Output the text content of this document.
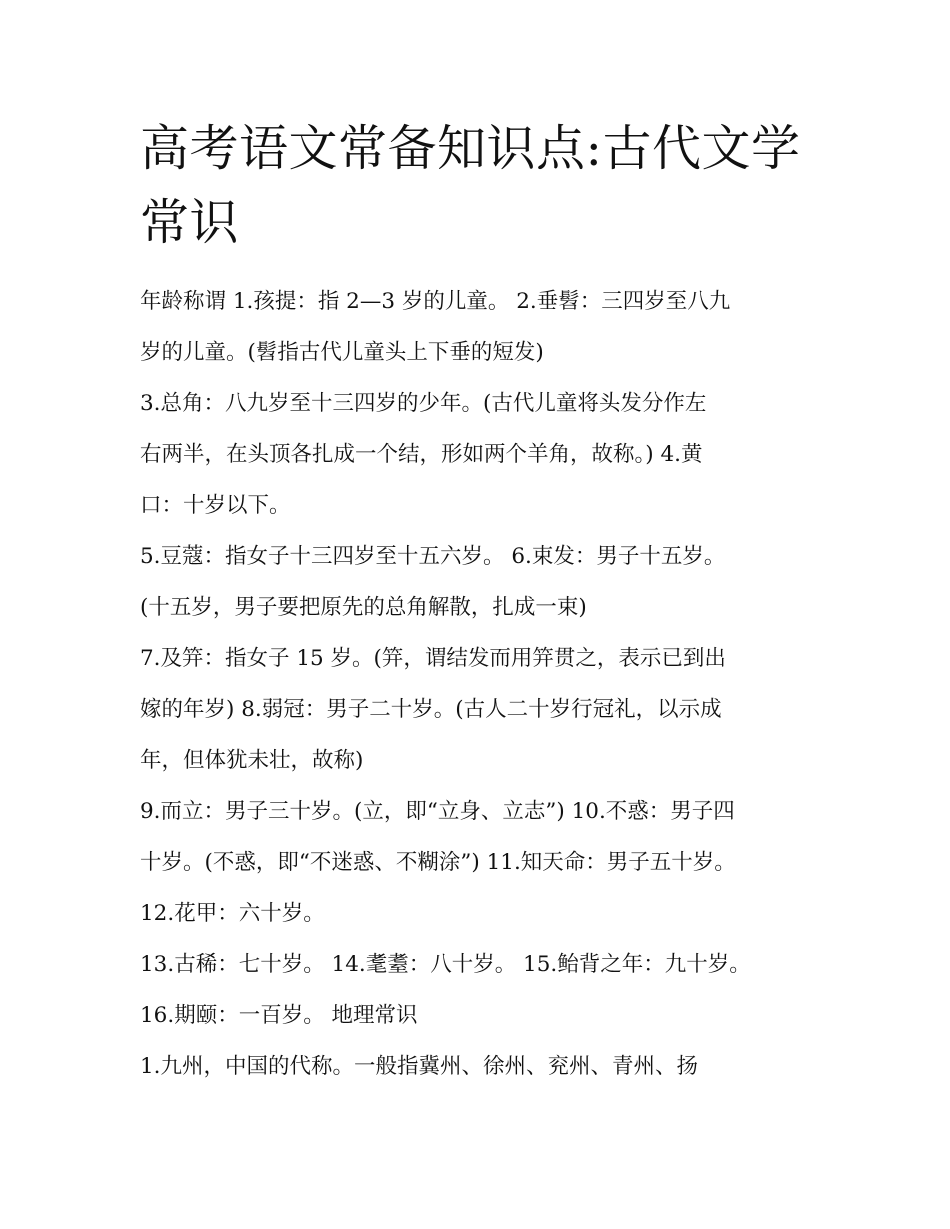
高考语文常备知识点:古代文学
常识
年龄称谓 1.孩提：指 2—3 岁的儿童。 2.垂髫：三四岁至八九
岁的儿童。(髫指古代儿童头上下垂的短发)
3.总角：八九岁至十三四岁的少年。(古代儿童将头发分作左
右两半，在头顶各扎成一个结，形如两个羊角，故称。) 4.黄
口：十岁以下。
5.豆蔻：指女子十三四岁至十五六岁。 6.束发：男子十五岁。
(十五岁，男子要把原先的总角解散，扎成一束)
7.及笄：指女子 15 岁。(笄，谓结发而用笄贯之，表示已到出
嫁的年岁) 8.弱冠：男子二十岁。(古人二十岁行冠礼，以示成
年，但体犹未壮，故称)
9.而立：男子三十岁。(立，即“立身、立志”) 10.不惑：男子四
十岁。(不惑，即“不迷惑、不糊涂”) 11.知天命：男子五十岁。
12.花甲：六十岁。
13.古稀：七十岁。 14.耄耋：八十岁。 15.鲐背之年：九十岁。
16.期颐：一百岁。 地理常识
1.九州，中国的代称。一般指冀州、徐州、兖州、青州、扬
